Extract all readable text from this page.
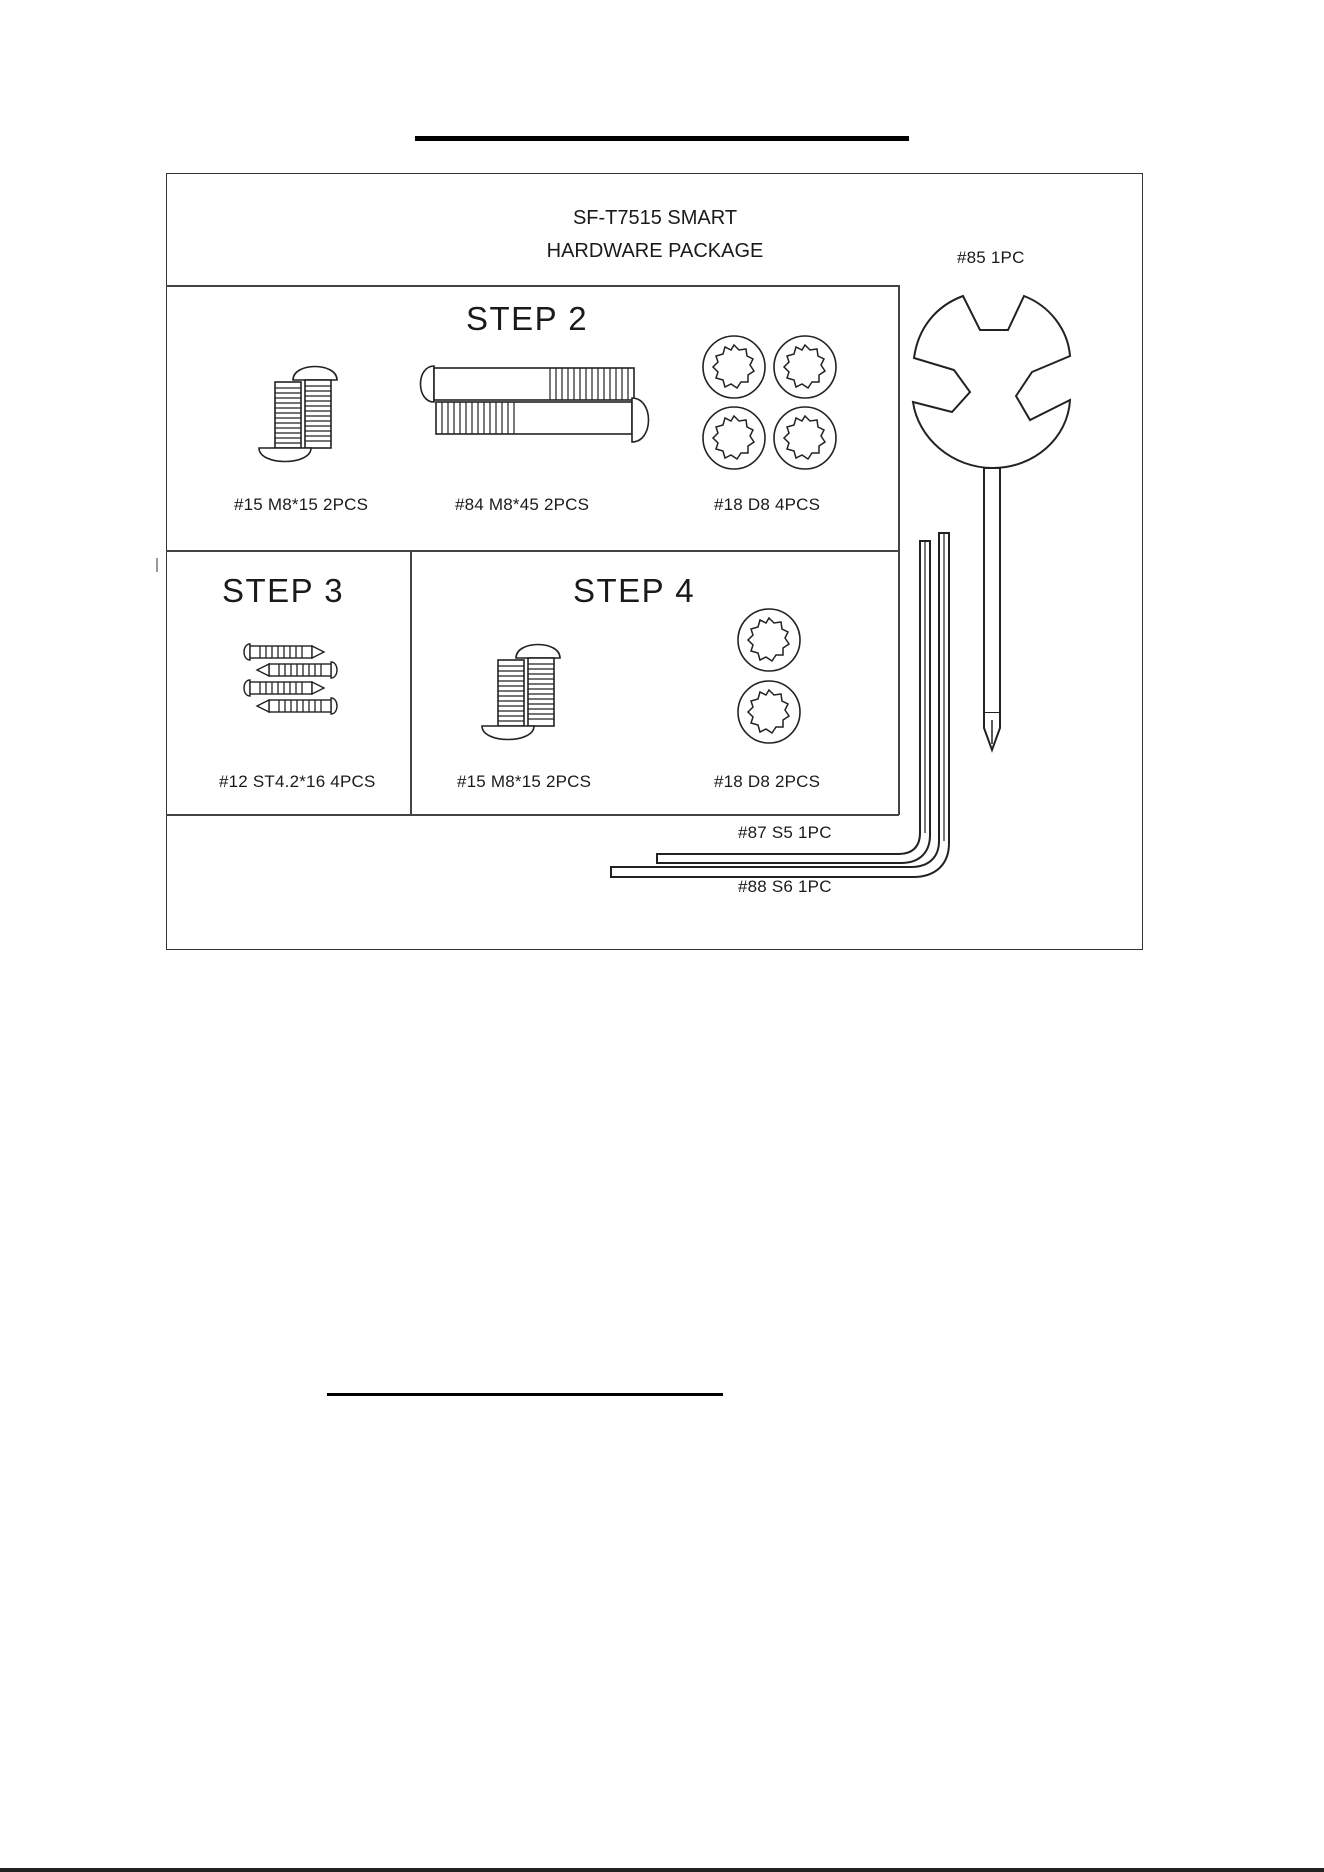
SF-T7515 SMART
HARDWARE PACKAGE
STEP 2
#15 M8*15 2PCS	#84 M8*45 2PCS	#18 D8 4PCS
STEP 3
#12 ST4.2*16 4PCS
STEP 4
#15 M8*15 2PCS	#18 D8 2PCS
#85 1PC
#87 S5 1PC
#88 S6 1PC
